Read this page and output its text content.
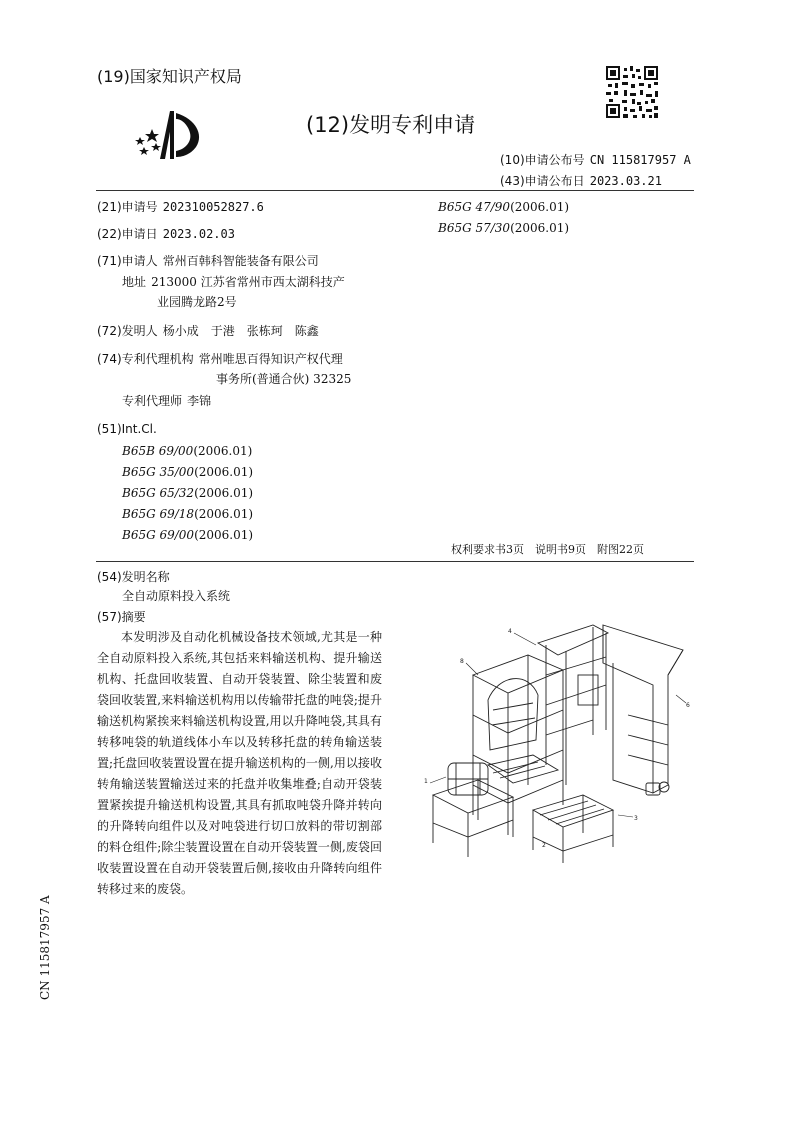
(19)国家知识产权局
(12)发明专利申请
(10)申请公布号 CN 115817957 A
(43)申请公布日 2023.03.21
(21)申请号 202310052827.6
(22)申请日 2023.02.03
(71)申请人 常州百韩科智能装备有限公司
地址 213000 江苏省常州市西太湖科技产
业园腾龙路2号
(72)发明人 杨小成　于港　张栋珂　陈鑫
(74)专利代理机构 常州唯思百得知识产权代理
事务所(普通合伙) 32325
专利代理师 李锦
(51)Int.Cl.
B65B 69/00(2006.01)
B65G 35/00(2006.01)
B65G 65/32(2006.01)
B65G 69/18(2006.01)
B65G 69/00(2006.01)
B65G 47/90(2006.01)
B65G 57/30(2006.01)
权利要求书3页　说明书9页　附图22页
(54)发明名称
全自动原料投入系统
(57)摘要
本发明涉及自动化机械设备技术领域,尤其是一种全自动原料投入系统,其包括来料输送机构、提升输送机构、托盘回收装置、自动开袋装置、除尘装置和废袋回收装置,来料输送机构用以传输带托盘的吨袋;提升输送机构紧挨来料输送机构设置,用以升降吨袋,其具有转移吨袋的轨道线体小车以及转移托盘的转角输送装置;托盘回收装置设置在提升输送机构的一侧,用以接收转角输送装置输送过来的托盘并收集堆叠;自动开袋装置紧挨提升输送机构设置,其具有抓取吨袋升降并转向的升降转向组件以及对吨袋进行切口放料的带切割部的料仓组件;除尘装置设置在自动开袋装置一侧,废袋回收装置设置在自动开袋装置后侧,接收由升降转向组件转移过来的废袋。
1
3
4
6
8
2
CN 115817957 A
